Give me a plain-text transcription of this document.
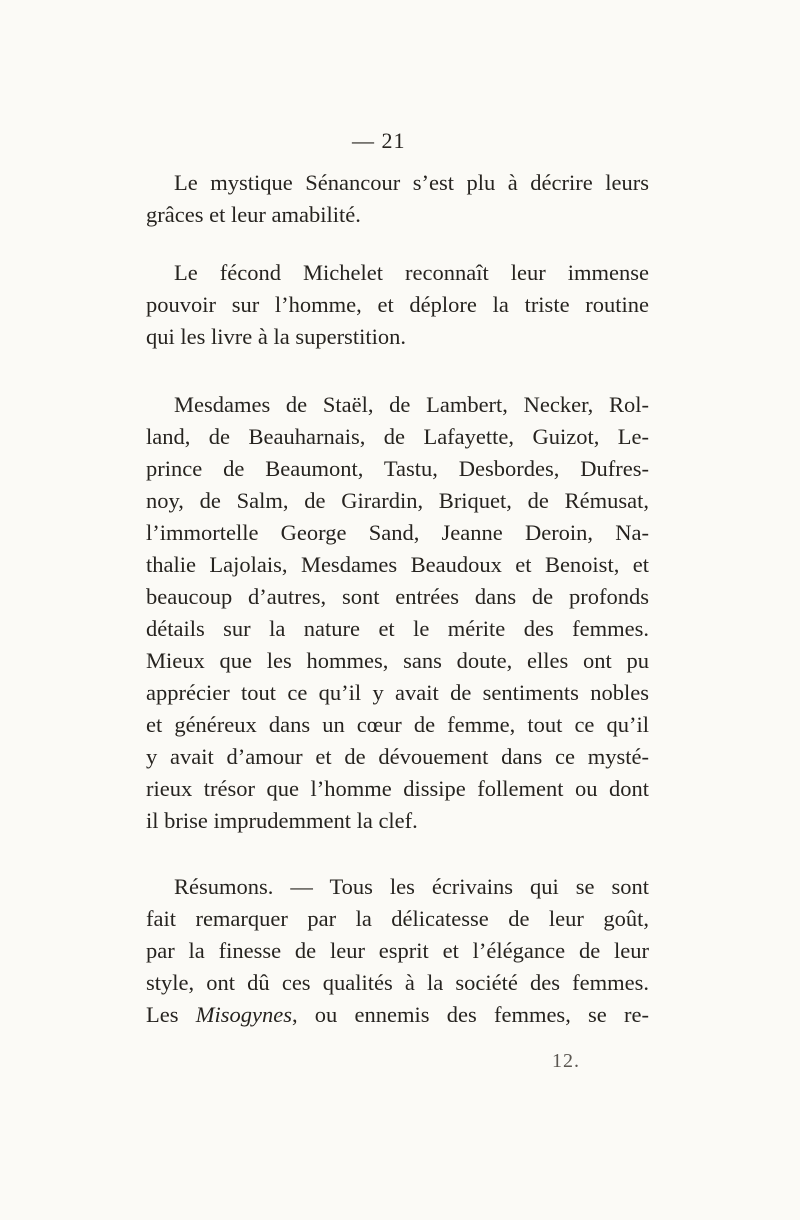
— 21
Le mystique Sénancour s’est plu à décrire leurs
grâces et leur amabilité.
Le fécond Michelet reconnaît leur immense
pouvoir sur l’homme, et déplore la triste routine
qui les livre à la superstition.
Mesdames de Staël, de Lambert, Necker, Rol-
land, de Beauharnais, de Lafayette, Guizot, Le-
prince de Beaumont, Tastu, Desbordes, Dufres-
noy, de Salm, de Girardin, Briquet, de Rémusat,
l’immortelle George Sand, Jeanne Deroin, Na-
thalie Lajolais, Mesdames Beaudoux et Benoist, et
beaucoup d’autres, sont entrées dans de profonds
détails sur la nature et le mérite des femmes.
Mieux que les hommes, sans doute, elles ont pu
apprécier tout ce qu’il y avait de sentiments nobles
et généreux dans un cœur de femme, tout ce qu’il
y avait d’amour et de dévouement dans ce mysté-
rieux trésor que l’homme dissipe follement ou dont
il brise imprudemment la clef.
Résumons. — Tous les écrivains qui se sont
fait remarquer par la délicatesse de leur goût,
par la finesse de leur esprit et l’élégance de leur
style, ont dû ces qualités à la société des femmes.
Les Misogynes, ou ennemis des femmes, se re-
12.
